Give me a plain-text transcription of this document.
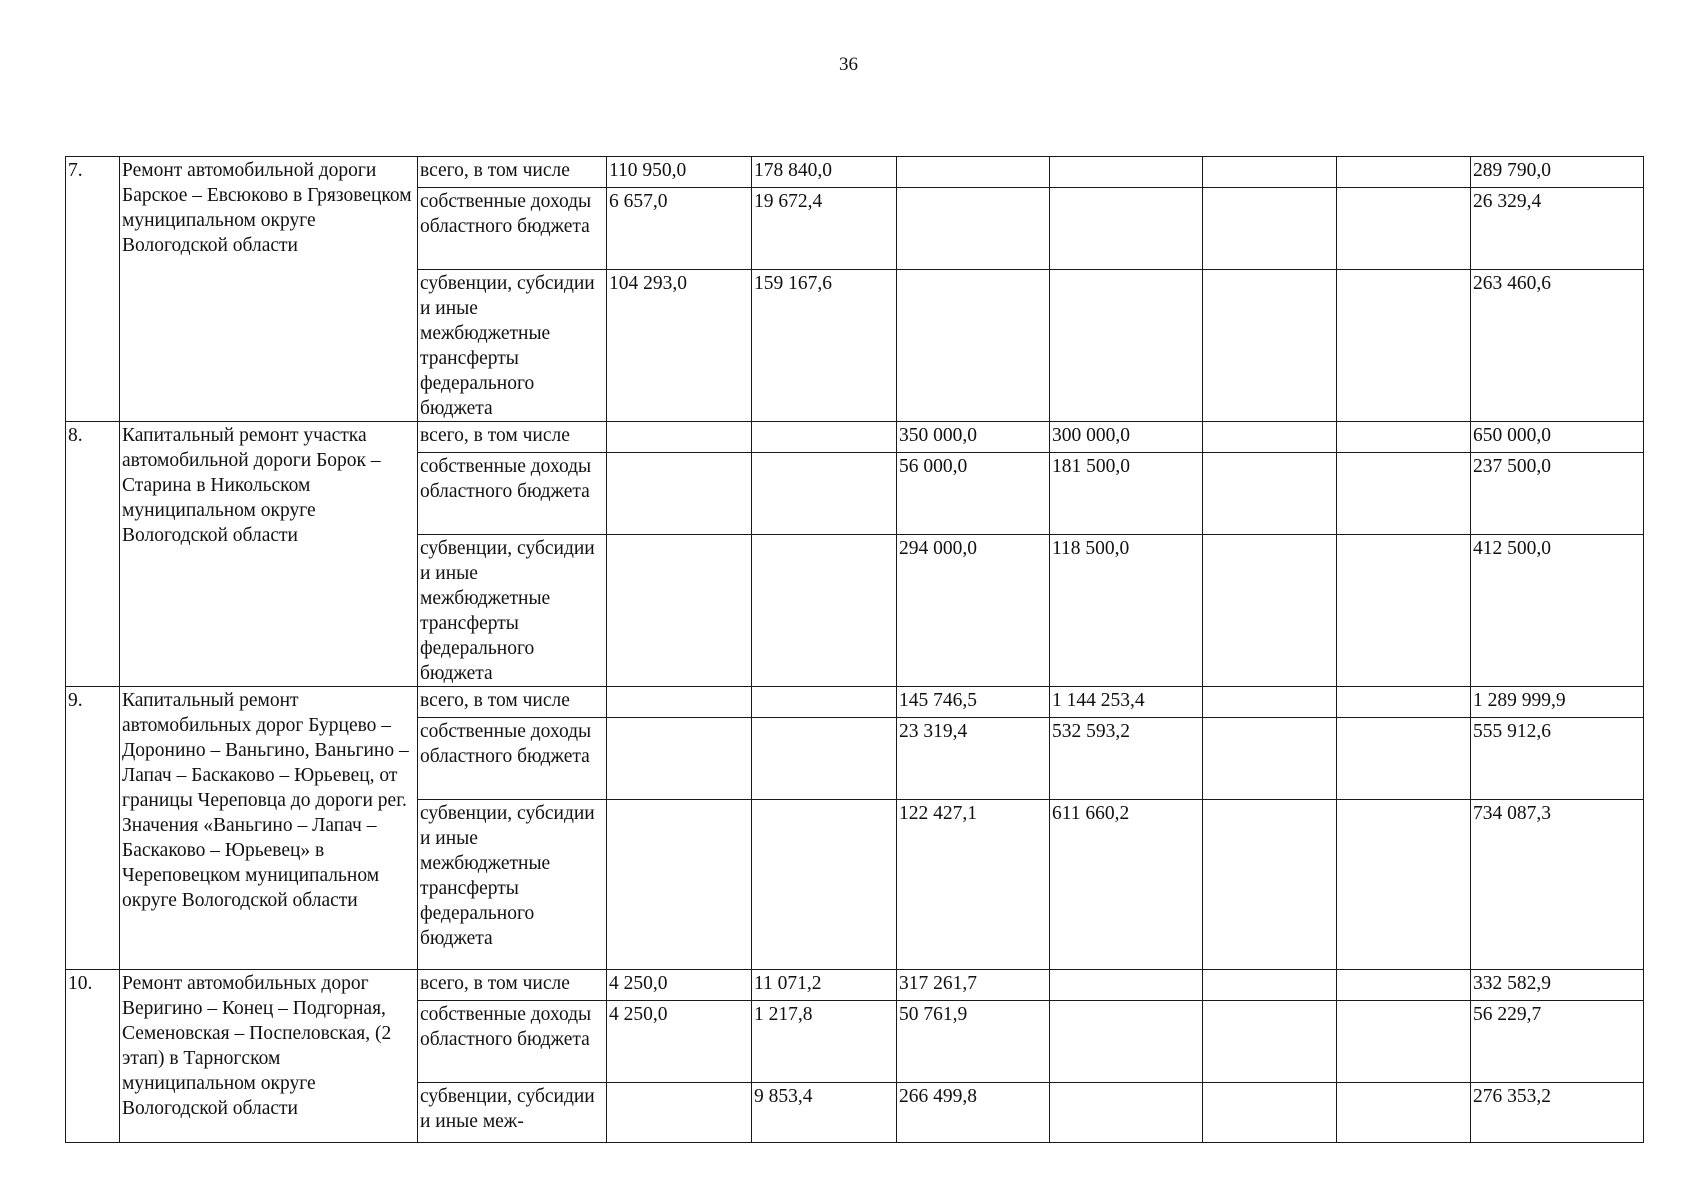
36
7.	Ремонт автомобильной дороги Барское – Евсюково в Грязовецком муниципальном округе Вологодской области	всего, в том числе	110 950,0	178 840,0					289 790,0
		собственные доходы областного бюджета	6 657,0	19 672,4					26 329,4
		субвенции, субсидии и иные межбюджетные трансферты федерального бюджета	104 293,0	159 167,6					263 460,6
8.	Капитальный ремонт участка автомобильной дороги Борок – Старина в Никольском муниципальном округе Вологодской области	всего, в том числе			350 000,0	300 000,0			650 000,0
		собственные доходы областного бюджета			56 000,0	181 500,0			237 500,0
		субвенции, субсидии и иные межбюджетные трансферты федерального бюджета			294 000,0	118 500,0			412 500,0
9.	Капитальный ремонт автомобильных дорог Бурцево – Доронино – Ваньгино, Ваньгино – Лапач – Баскаково – Юрьевец, от границы Череповца до дороги рег. Значения «Ваньгино – Лапач – Баскаково – Юрьевец» в Череповецком муниципальном округе Вологодской области	всего, в том числе			145 746,5	1 144 253,4			1 289 999,9
		собственные доходы областного бюджета			23 319,4	532 593,2			555 912,6
		субвенции, субсидии и иные межбюджетные трансферты федерального бюджета			122 427,1	611 660,2			734 087,3
10.	Ремонт автомобильных дорог Веригино – Конец – Подгорная, Семеновская – Поспеловская, (2 этап) в Тарногском муниципальном округе Вологодской области	всего, в том числе	4 250,0	11 071,2	317 261,7				332 582,9
		собственные доходы областного бюджета	4 250,0	1 217,8	50 761,9				56 229,7
		субвенции, субсидии и иные меж-		9 853,4	266 499,8				276 353,2
